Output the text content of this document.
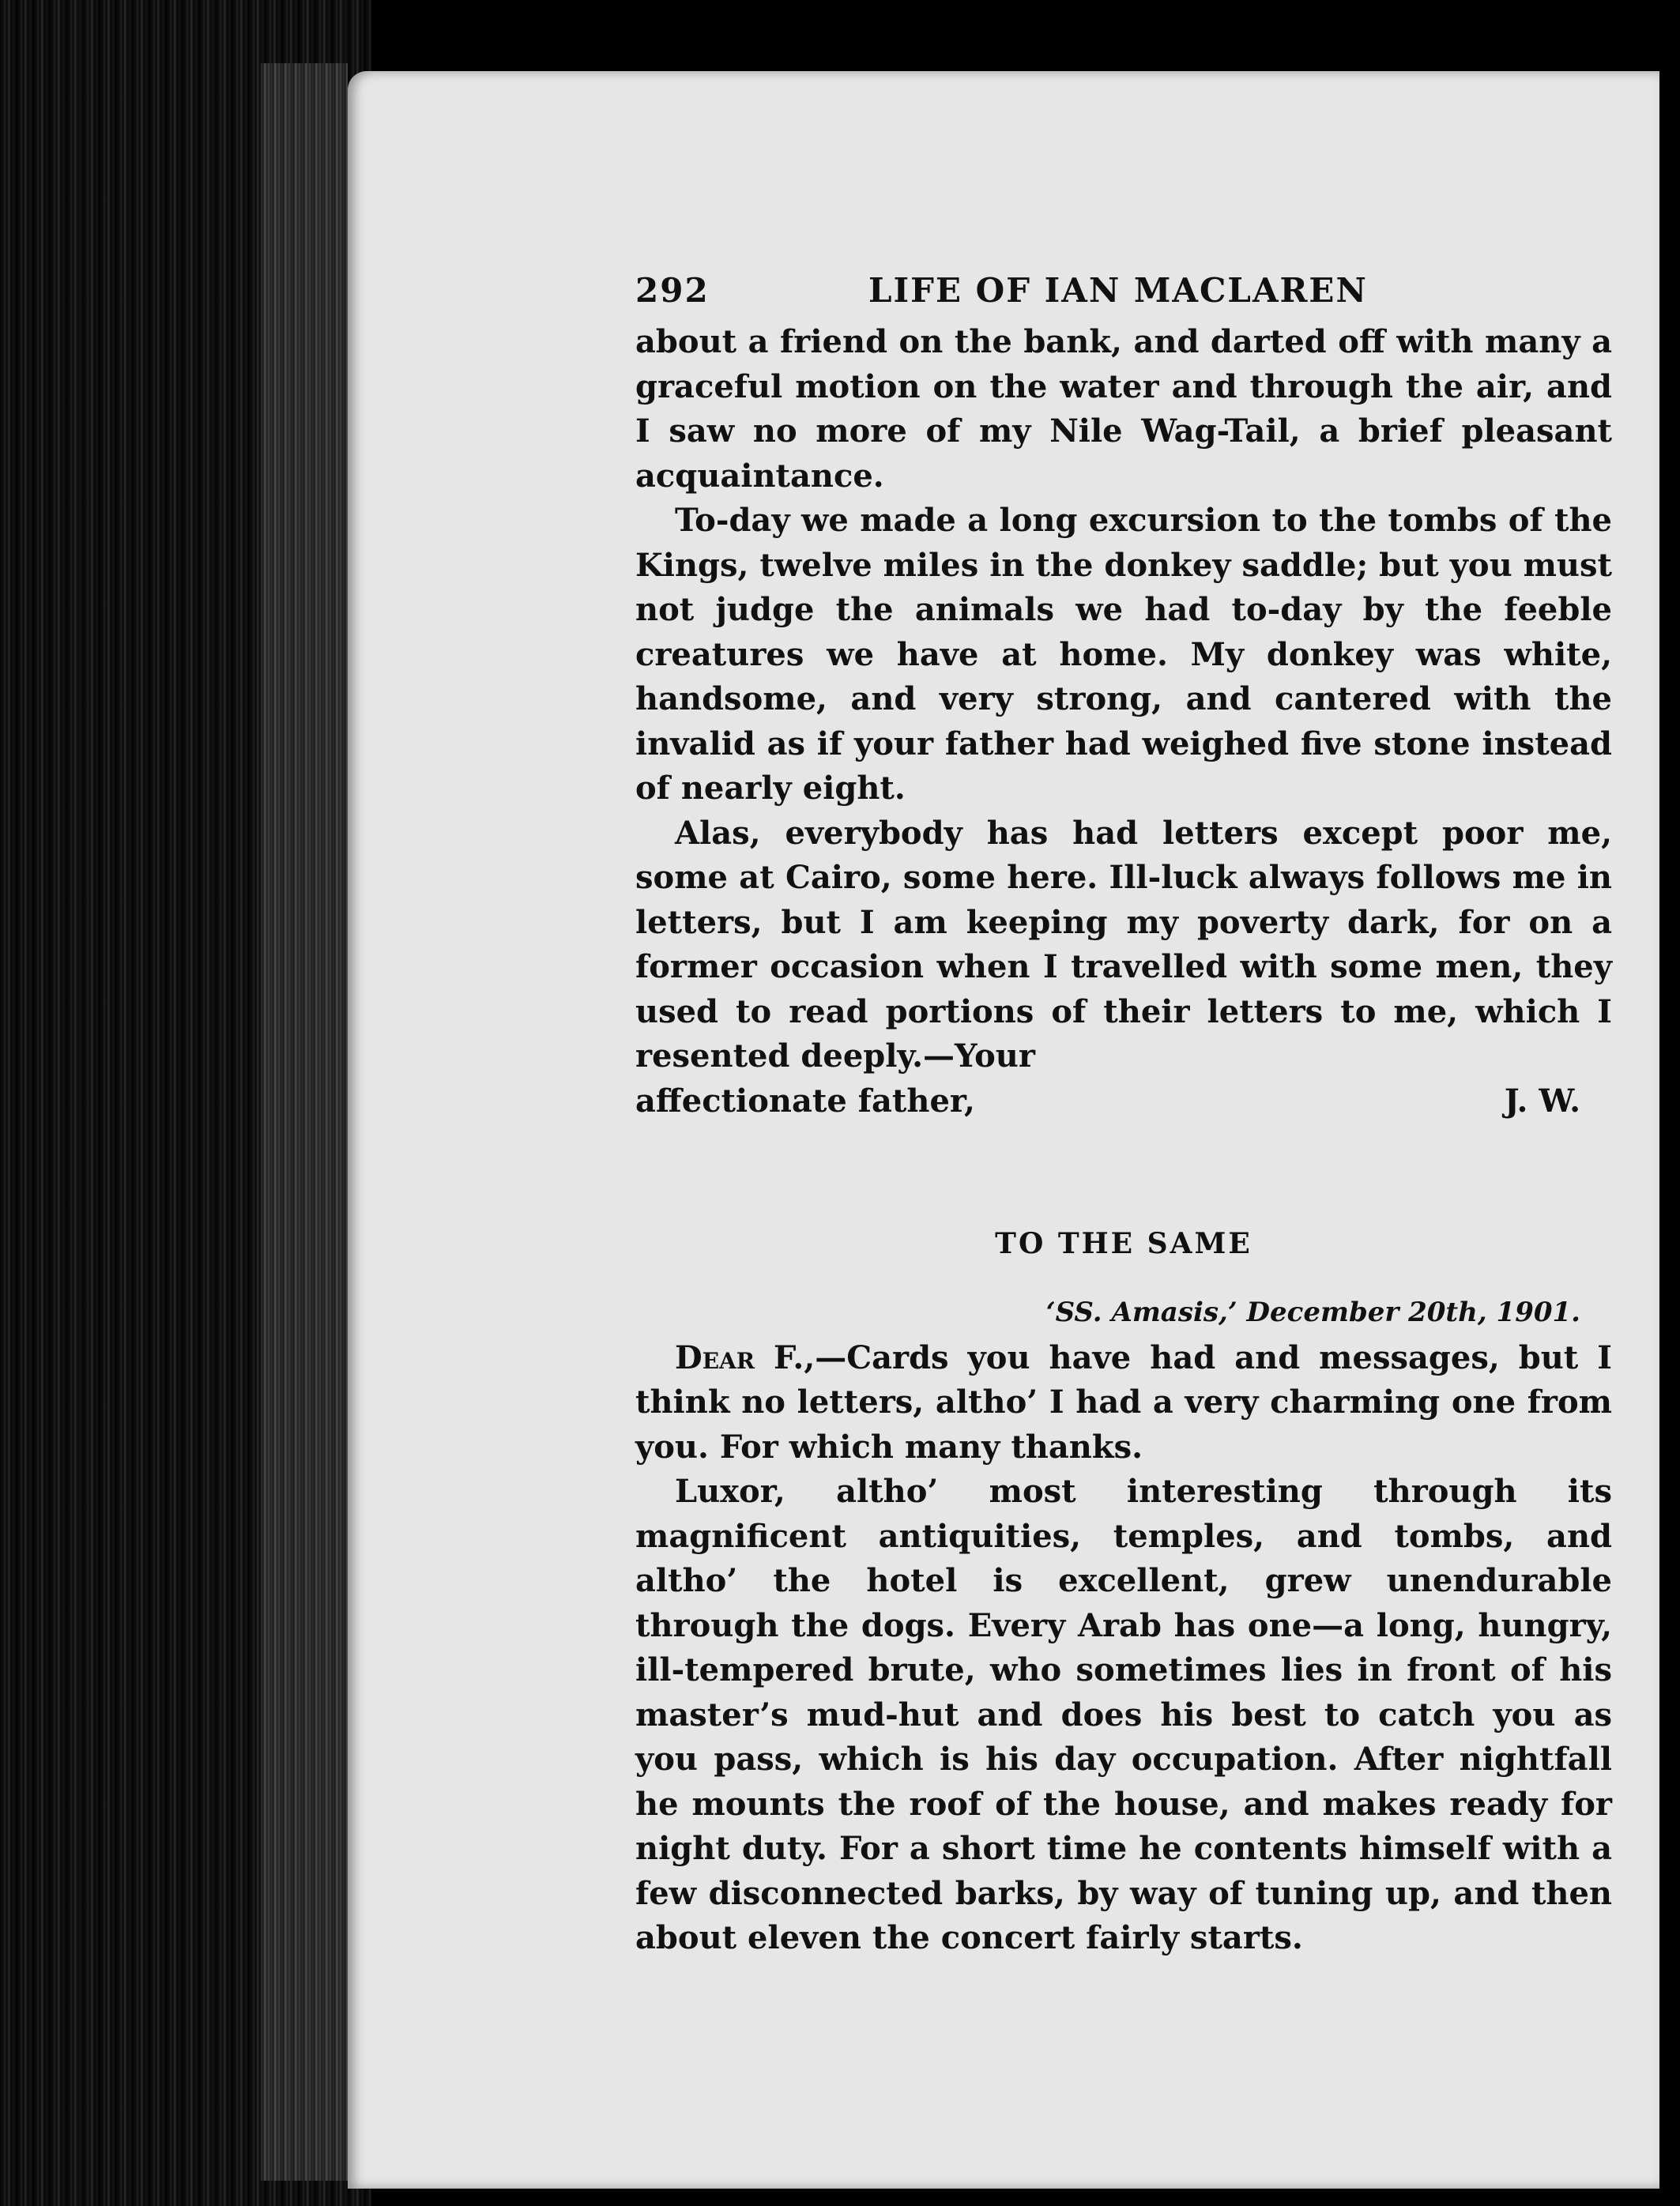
292	LIFE OF IAN MACLAREN

about a friend on the bank, and darted off with many a graceful motion on the water and through the air, and I saw no more of my Nile Wag-Tail, a brief pleasant acquaintance.

To-day we made a long excursion to the tombs of the Kings, twelve miles in the donkey saddle; but you must not judge the animals we had to-day by the feeble creatures we have at home. My donkey was white, handsome, and very strong, and cantered with the invalid as if your father had weighed five stone instead of nearly eight.

Alas, everybody has had letters except poor me, some at Cairo, some here. Ill-luck always follows me in letters, but I am keeping my poverty dark, for on a former occasion when I travelled with some men, they used to read portions of their letters to me, which I resented deeply.—Your

affectionate father,	J. W.
TO THE SAME
‘SS. Amasis,’ December 20th, 1901.

Dear F.,—Cards you have had and messages, but I think no letters, altho’ I had a very charming one from you. For which many thanks.

Luxor, altho’ most interesting through its magnificent antiquities, temples, and tombs, and altho’ the hotel is excellent, grew unendurable through the dogs. Every Arab has one—a long, hungry, ill-tempered brute, who sometimes lies in front of his master’s mud-hut and does his best to catch you as you pass, which is his day occupation. After nightfall he mounts the roof of the house, and makes ready for night duty. For a short time he contents himself with a few disconnected barks, by way of tuning up, and then about eleven the concert fairly starts.
